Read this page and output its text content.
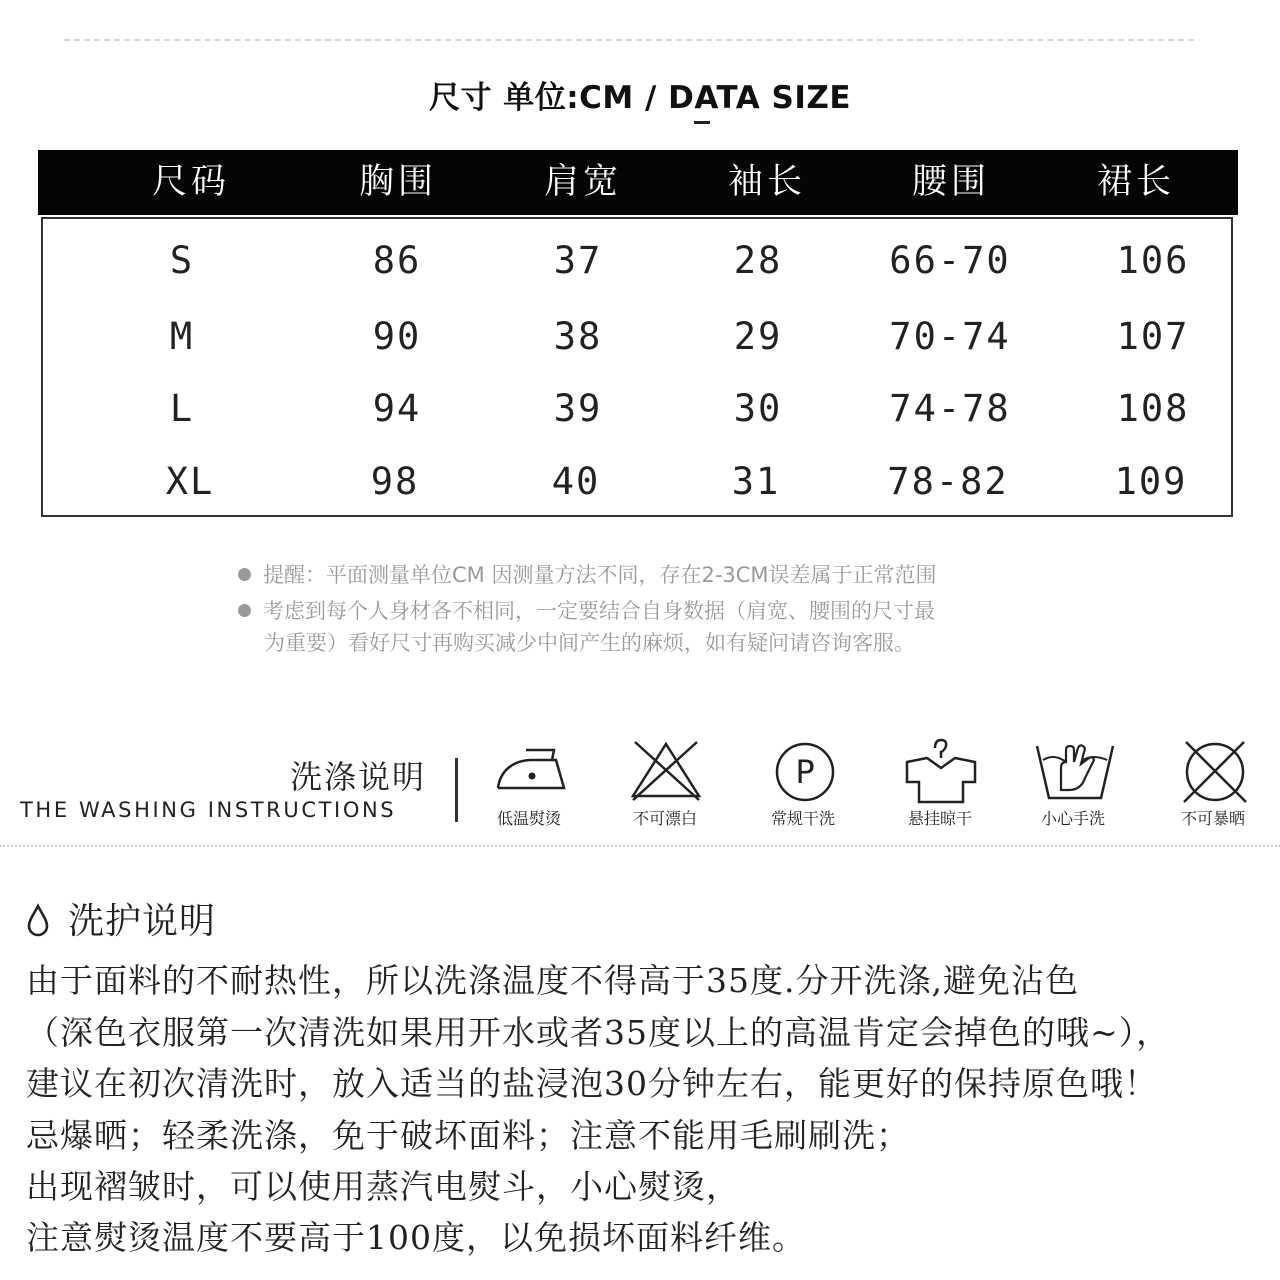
尺寸 单位:CM / DATA SIZE
尺码	胸围	肩宽	袖长	腰围	裙长
S	86	37	28	66-70	106
M	90	38	29	70-74	107
L	94	39	30	74-78	108
XL	98	40	31	78-82	109
提醒：平面测量单位CM 因测量方法不同，存在2-3CM误差属于正常范围
考虑到每个人身材各不相同，一定要结合自身数据（肩宽、腰围的尺寸最
为重要）看好尺寸再购买减少中间产生的麻烦，如有疑问请咨询客服。
洗涤说明
THE WASHING INSTRUCTIONS	低温熨烫	不可漂白
P
常规干洗	悬挂晾干	小心手洗	不可暴晒
洗护说明
由于面料的不耐热性，所以洗涤温度不得高于35度.分开洗涤,避免沾色
（深色衣服第一次清洗如果用开水或者35度以上的高温肯定会掉色的哦~），
建议在初次清洗时，放入适当的盐浸泡30分钟左右，能更好的保持原色哦！
忌爆晒；轻柔洗涤，免于破坏面料；注意不能用毛刷刷洗；
出现褶皱时，可以使用蒸汽电熨斗，小心熨烫，
注意熨烫温度不要高于100度，以免损坏面料纤维。
